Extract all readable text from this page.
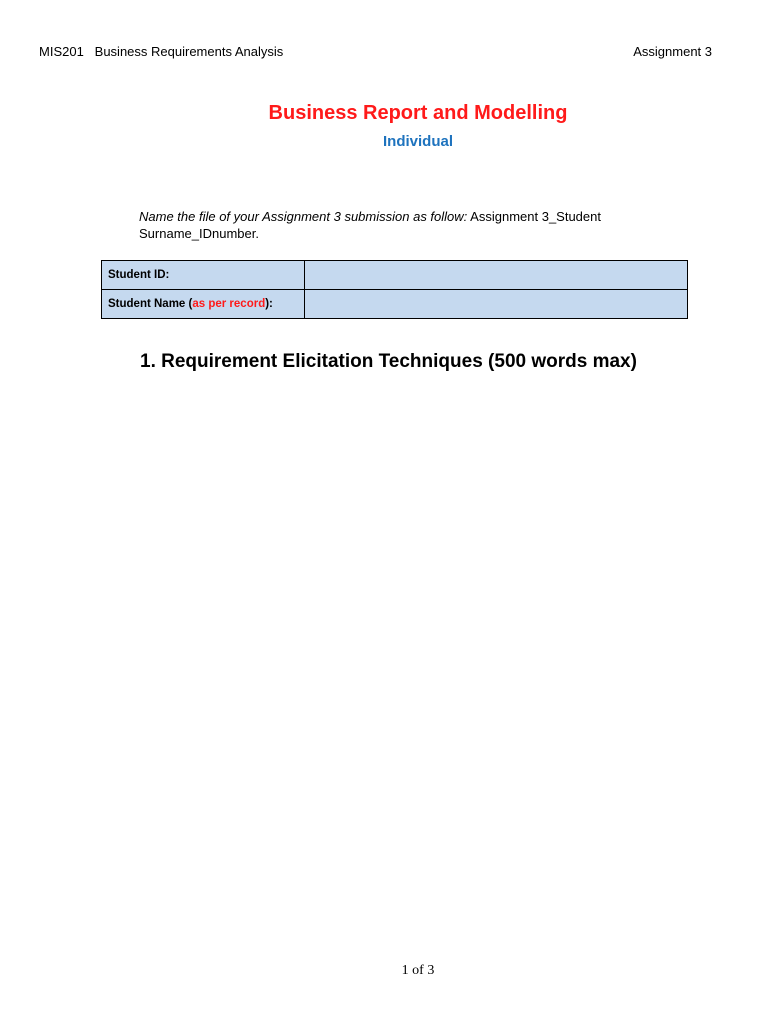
MIS201 Business Requirements Analysis	Assignment 3
Business Report and Modelling
Individual
Name the file of your Assignment 3 submission as follow: Assignment 3_Student Surname_IDnumber.
Student ID:	
Student Name (as per record):	
1. Requirement Elicitation Techniques (500 words max)
1 of 3
